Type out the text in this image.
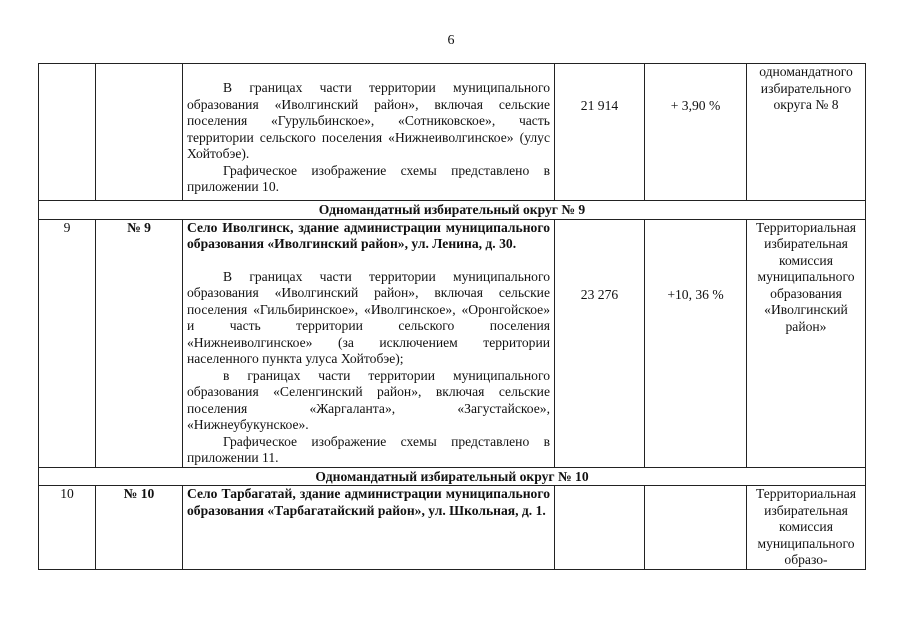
6

		В границах части территории муниципального образования «Иволгинский район», включая сельские поселения «Гурульбинское», «Сотниковское», часть территории сельского поселения «Нижнеиволгинское» (улус Хойтобэе).

Графическое изображение схемы представлено в приложении 10.	21 914	+ 3,90 %	одномандатного избирательного округа № 8
Одномандатный избирательный округ № 9					
9	№ 9	Село Иволгинск, здание администрации муниципального образования «Иволгинский район», ул. Ленина, д. 30.

В границах части территории муниципального образования «Иволгинский район», включая сельские поселения «Гильбиринское», «Иволгинское», «Оронгойское» и часть территории сельского поселения «Нижнеиволгинское» (за исключением территории населенного пункта улуса Хойтобэе);

в границах части территории муниципального образования «Селенгинский район», включая сельские поселения «Жаргаланта», «Загустайское», «Нижнеубукунское».

Графическое изображение схемы представлено в приложении 11.	23 276	+10, 36 %	Территориальная избирательная комиссия муниципального образования «Иволгинский район»
Одномандатный избирательный округ № 10					
10	№ 10	Село Тарбагатай, здание администрации муниципального образования «Тарбагатайский район», ул. Школьная, д. 1.			Территориальная избирательная комиссия муниципального образо-
